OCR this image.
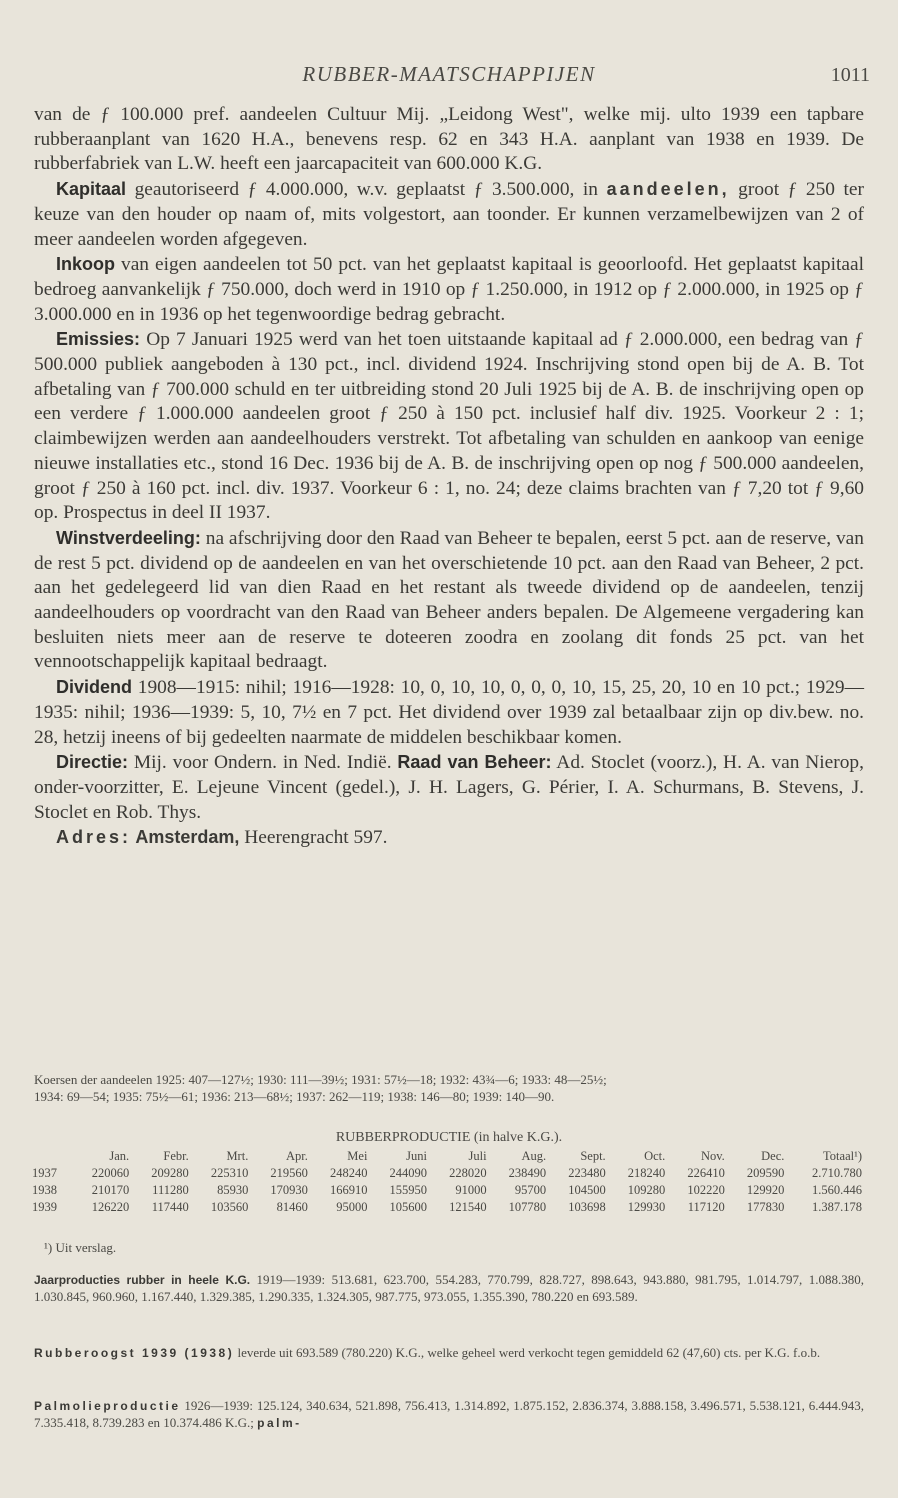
RUBBER-MAATSCHAPPIJEN	1011

van de ƒ 100.000 pref. aandeelen Cultuur Mij. „Leidong West", welke mij. ulto 1939 een tapbare rubberaanplant van 1620 H.A., benevens resp. 62 en 343 H.A. aanplant van 1938 en 1939. De rubberfabriek van L.W. heeft een jaarcapaciteit van 600.000 K.G.

Kapitaal geautoriseerd ƒ 4.000.000, w.v. geplaatst ƒ 3.500.000, in aandeelen, groot ƒ 250 ter keuze van den houder op naam of, mits volgestort, aan toonder. Er kunnen verzamelbewijzen van 2 of meer aandeelen worden afgegeven.

Inkoop van eigen aandeelen tot 50 pct. van het geplaatst kapitaal is geoorloofd. Het geplaatst kapitaal bedroeg aanvankelijk ƒ 750.000, doch werd in 1910 op ƒ 1.250.000, in 1912 op ƒ 2.000.000, in 1925 op ƒ 3.000.000 en in 1936 op het tegenwoordige bedrag gebracht.

Emissies: Op 7 Januari 1925 werd van het toen uitstaande kapitaal ad ƒ 2.000.000, een bedrag van ƒ 500.000 publiek aangeboden à 130 pct., incl. dividend 1924. Inschrijving stond open bij de A. B. Tot afbetaling van ƒ 700.000 schuld en ter uitbreiding stond 20 Juli 1925 bij de A. B. de inschrijving open op een verdere ƒ 1.000.000 aandeelen groot ƒ 250 à 150 pct. inclusief half div. 1925. Voorkeur 2 : 1; claimbewijzen werden aan aandeelhouders verstrekt. Tot afbetaling van schulden en aankoop van eenige nieuwe installaties etc., stond 16 Dec. 1936 bij de A. B. de inschrijving open op nog ƒ 500.000 aandeelen, groot ƒ 250 à 160 pct. incl. div. 1937. Voorkeur 6 : 1, no. 24; deze claims brachten van ƒ 7,20 tot ƒ 9,60 op. Prospectus in deel II 1937.

Winstverdeeling: na afschrijving door den Raad van Beheer te bepalen, eerst 5 pct. aan de reserve, van de rest 5 pct. dividend op de aandeelen en van het overschietende 10 pct. aan den Raad van Beheer, 2 pct. aan het gedelegeerd lid van dien Raad en het restant als tweede dividend op de aandeelen, tenzij aandeelhouders op voordracht van den Raad van Beheer anders bepalen. De Algemeene vergadering kan besluiten niets meer aan de reserve te doteeren zoodra en zoolang dit fonds 25 pct. van het vennootschappelijk kapitaal bedraagt.

Dividend 1908—1915: nihil; 1916—1928: 10, 0, 10, 10, 0, 0, 0, 10, 15, 25, 20, 10 en 10 pct.; 1929—1935: nihil; 1936—1939: 5, 10, 7½ en 7 pct. Het dividend over 1939 zal betaalbaar zijn op div.bew. no. 28, hetzij ineens of bij gedeelten naarmate de middelen beschikbaar komen.

Directie: Mij. voor Ondern. in Ned. Indië. Raad van Beheer: Ad. Stoclet (voorz.), H. A. van Nierop, onder-voorzitter, E. Lejeune Vincent (gedel.), J. H. Lagers, G. Périer, I. A. Schurmans, B. Stevens, J. Stoclet en Rob. Thys.

Adres: Amsterdam, Heerengracht 597.

Koersen der aandeelen 1925: 407—127½; 1930: 111—39½; 1931: 57½—18; 1932: 43¾—6; 1933: 48—25½;
1934: 69—54; 1935: 75½—61; 1936: 213—68½; 1937: 262—119; 1938: 146—80; 1939: 140—90.
RUBBERPRODUCTIE (in halve K.G.).
	Jan.	Febr.	Mrt.	Apr.	Mei	Juni	Juli	Aug.	Sept.	Oct.	Nov.	Dec.	Totaal¹)
1937	220060	209280	225310	219560	248240	244090	228020	238490	223480	218240	226410	209590	2.710.780
1938	210170	111280	85930	170930	166910	155950	91000	95700	104500	109280	102220	129920	1.560.446
1939	126220	117440	103560	81460	95000	105600	121540	107780	103698	129930	117120	177830	1.387.178
¹) Uit verslag.
Jaarproducties rubber in heele K.G. 1919—1939: 513.681, 623.700, 554.283, 770.799, 828.727, 898.643, 943.880, 981.795, 1.014.797, 1.088.380, 1.030.845, 960.960, 1.167.440, 1.329.385, 1.290.335, 1.324.305, 987.775, 973.055, 1.355.390, 780.220 en 693.589.
Rubberoogst 1939 (1938) leverde uit 693.589 (780.220) K.G., welke geheel werd verkocht tegen gemiddeld 62 (47,60) cts. per K.G. f.o.b.
Palmolieproductie 1926—1939: 125.124, 340.634, 521.898, 756.413, 1.314.892, 1.875.152, 2.836.374, 3.888.158, 3.496.571, 5.538.121, 6.444.943, 7.335.418, 8.739.283 en 10.374.486 K.G.; palm-
